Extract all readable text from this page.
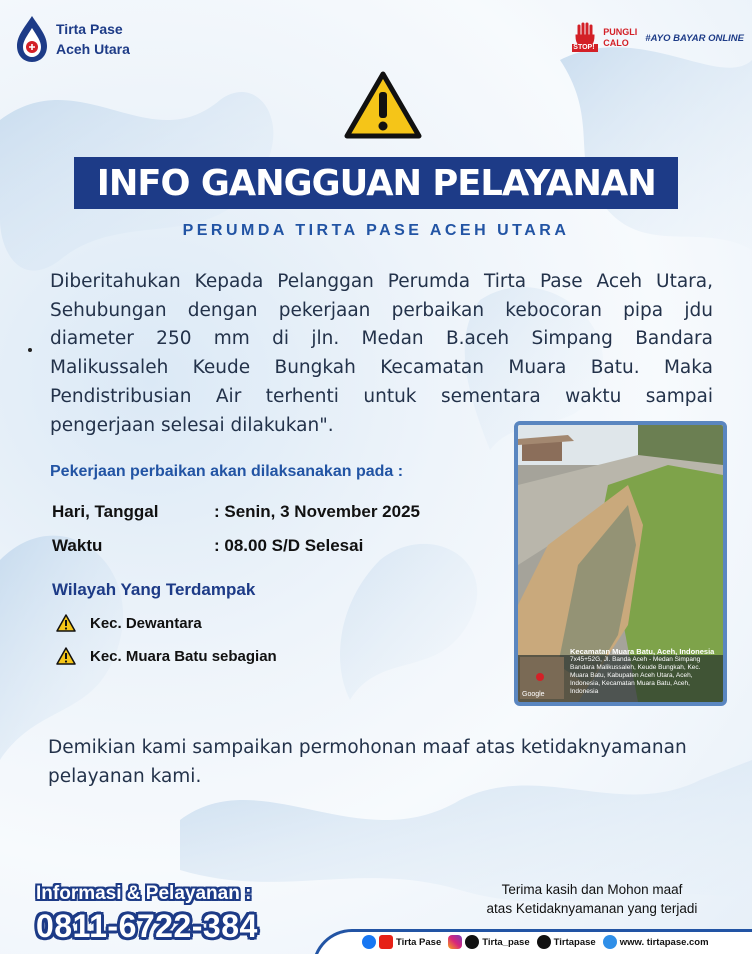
Tirta Pase
Aceh Utara	STOP!
PUNGLI
CALO	#AYO BAYAR ONLINE
INFO GANGGUAN PELAYANAN
PERUMDA TIRTA PASE ACEH UTARA
Diberitahukan Kepada Pelanggan Perumda Tirta Pase Aceh Utara,
Sehubungan dengan pekerjaan perbaikan kebocoran pipa jdu
diameter 250 mm di jln. Medan B.aceh Simpang Bandara
Malikussaleh Keude Bungkah Kecamatan Muara Batu. Maka
Pendistribusian Air terhenti untuk sementara waktu sampai
pengerjaan selesai dilakukan".
Pekerjaan perbaikan akan dilaksanakan pada :
Hari, Tanggal	: Senin, 3 November 2025
Waktu	: 08.00 S/D Selesai
Wilayah Yang Terdampak
Kec. Dewantara
Kec. Muara Batu sebagian	Kecamatan Muara Batu, Aceh, Indonesia
7x45+52G, Jl. Banda Aceh - Medan Simpang Bandara Malikussaleh, Keude Bungkah, Kec. Muara Batu, Kabupaten Aceh Utara, Aceh, Indonesia, Kecamatan Muara Batu, Aceh, Indonesia
Google
Demikian kami sampaikan permohonan maaf atas ketidaknyamanan pelayanan kami.
Informasi & Pelayanan :
0811-6722-384
Terima kasih dan Mohon maaf
atas Ketidaknyamanan yang terjadi
Tirta Pase	Tirta_pase	Tirtapase	www. tirtapase.com
